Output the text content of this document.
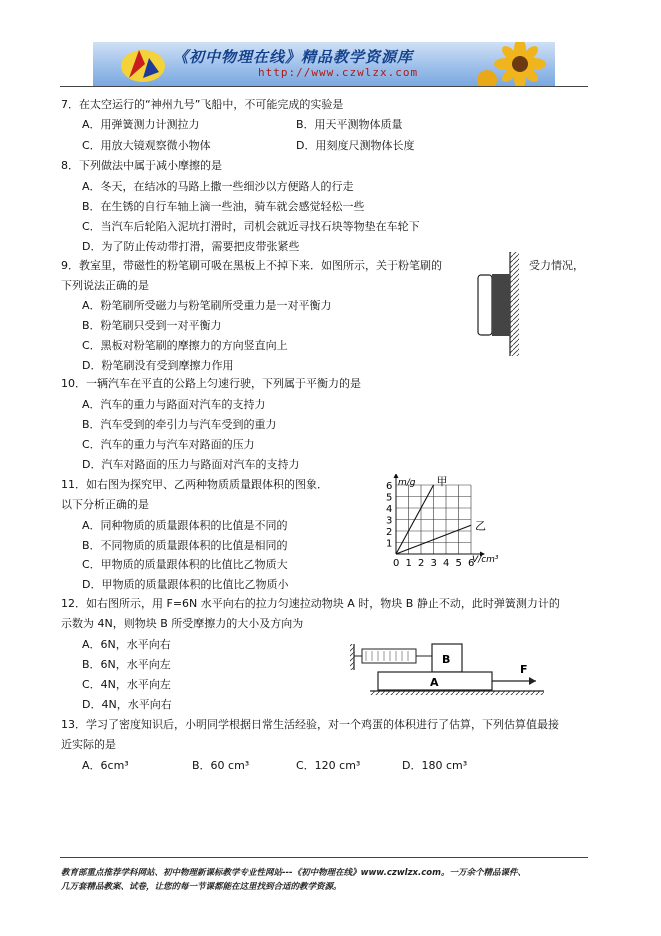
《初中物理在线》精品教学资源库
http://www.czwlzx.com
7．在太空运行的“神州九号”飞船中，不可能完成的实验是
A．用弹簧测力计测拉力	B．用天平测物体质量
C．用放大镜观察微小物体	D．用刻度尺测物体长度
8．下列做法中属于减小摩擦的是
A．冬天，在结冰的马路上撒一些细沙以方便路人的行走
B．在生锈的自行车轴上滴一些油，骑车就会感觉轻松一些
C．当汽车后轮陷入泥坑打滑时，司机会就近寻找石块等物垫在车轮下
D．为了防止传动带打滑，需要把皮带张紧些
9．教室里，带磁性的粉笔刷可吸在黑板上不掉下来．如图所示，关于粉笔刷的	受力情况，
下列说法正确的是
A．粉笔刷所受磁力与粉笔刷所受重力是一对平衡力
B．粉笔刷只受到一对平衡力
C．黑板对粉笔刷的摩擦力的方向竖直向上
D．粉笔刷没有受到摩擦力作用
10．一辆汽车在平直的公路上匀速行驶，下列属于平衡力的是
A．汽车的重力与路面对汽车的支持力
B．汽车受到的牵引力与汽车受到的重力
C．汽车的重力与汽车对路面的压力
D．汽车对路面的压力与路面对汽车的支持力
11．如右图为探究甲、乙两种物质质量跟体积的图象．
以下分析正确的是
A．同种物质的质量跟体积的比值是不同的
B．不同物质的质量跟体积的比值是相同的
C．甲物质的质量跟体积的比值比乙物质大
D．甲物质的质量跟体积的比值比乙物质小
甲
乙
0 1 2 3 4 5 6
1
2
3
4
5
6 m/g
V/cm³
12．如右图所示，用 F=6N 水平向右的拉力匀速拉动物块 A 时，物块 B 静止不动，此时弹簧测力计的
示数为 4N，则物块 B 所受摩擦力的大小及方向为
A．6N，水平向右
B．6N，水平向左
C．4N，水平向左
D．4N，水平向右
B
A
F
13．学习了密度知识后，小明同学根据日常生活经验，对一个鸡蛋的体积进行了估算，下列估算值最接
近实际的是
A．6cm³	B．60 cm³	C．120 cm³	D．180 cm³
教育部重点推荐学科网站、初中物理新课标教学专业性网站---《初中物理在线》www.czwlzx.com。一万余个精品课件、
几万套精品教案、试卷，让您的每一节课都能在这里找到合适的教学资源。
